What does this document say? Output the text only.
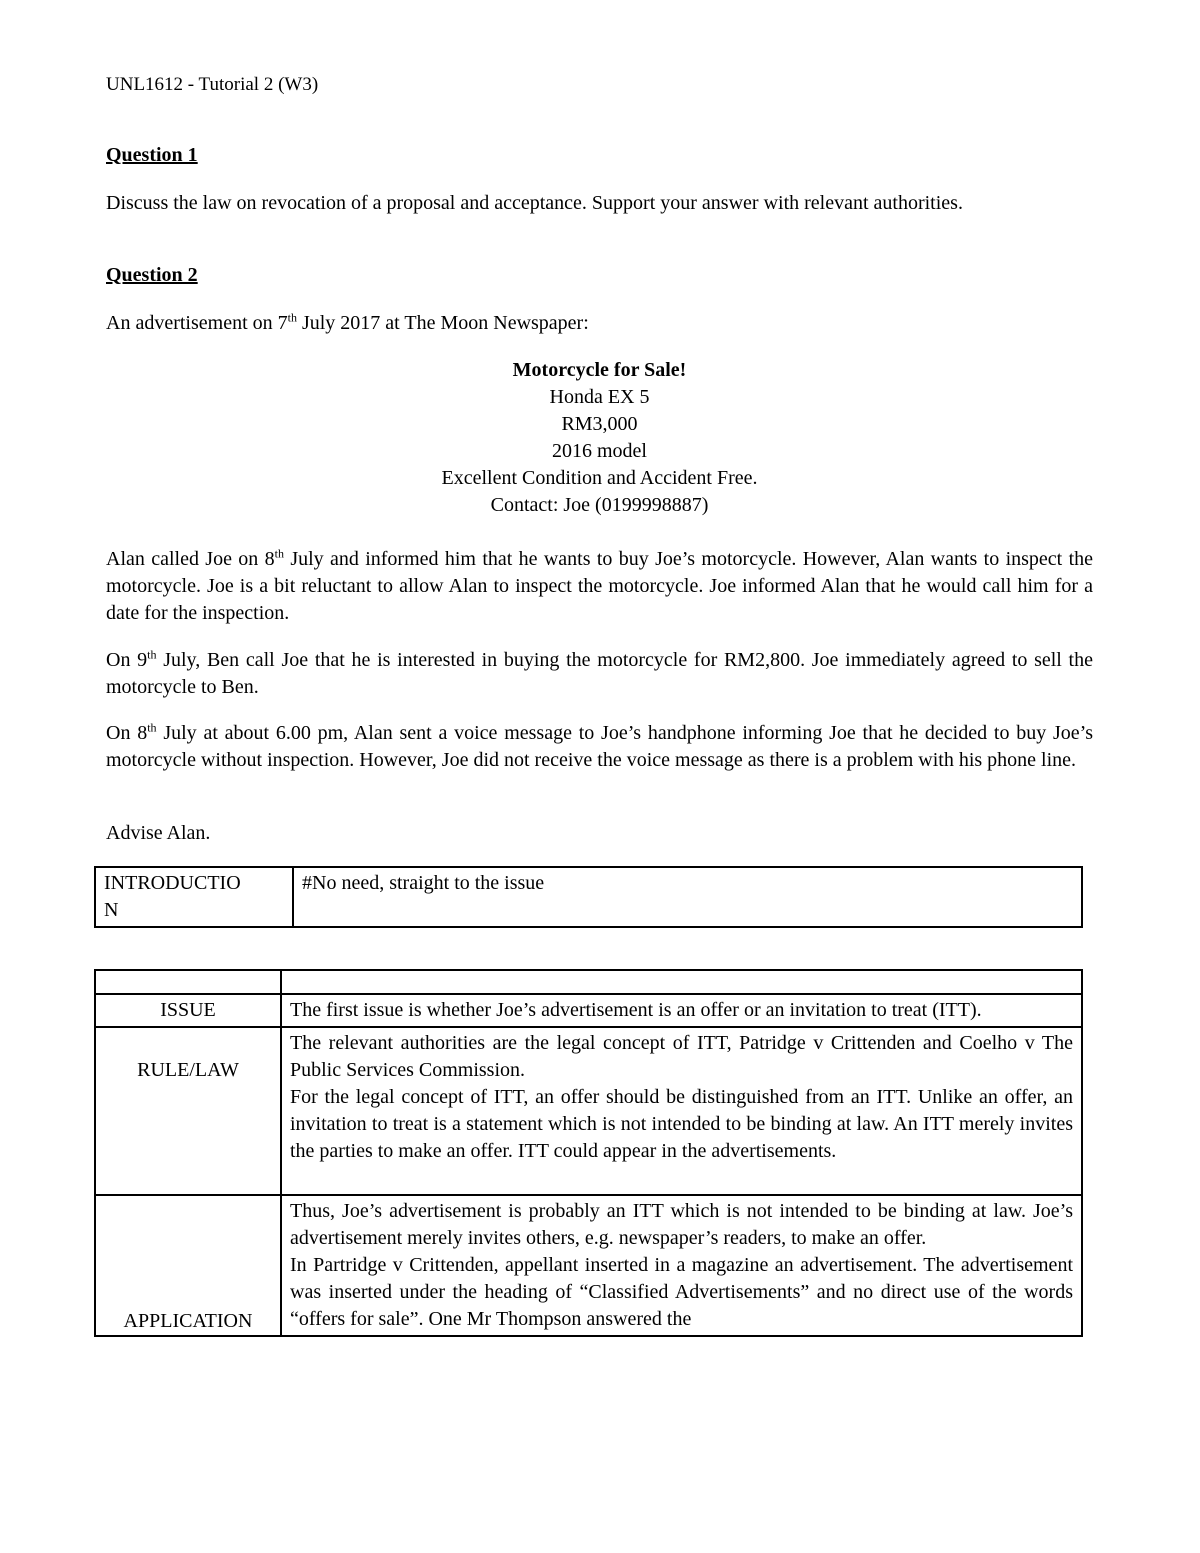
UNL1612 - Tutorial 2 (W3)
Question 1
Discuss the law on revocation of a proposal and acceptance. Support your answer with relevant authorities.
Question 2
An advertisement on 7th July 2017 at The Moon Newspaper:
Motorcycle for Sale!
Honda EX 5
RM3,000
2016 model
Excellent Condition and Accident Free.
Contact: Joe (0199998887)
Alan called Joe on 8th July and informed him that he wants to buy Joe’s motorcycle. However, Alan wants to inspect the motorcycle. Joe is a bit reluctant to allow Alan to inspect the motorcycle. Joe informed Alan that he would call him for a date for the inspection.
On 9th July, Ben call Joe that he is interested in buying the motorcycle for RM2,800. Joe immediately agreed to sell the motorcycle to Ben.
On 8th July at about 6.00 pm, Alan sent a voice message to Joe’s handphone informing Joe that he decided to buy Joe’s motorcycle without inspection. However, Joe did not receive the voice message as there is a problem with his phone line.
Advise Alan.
INTRODUCTIO
N	#No need, straight to the issue

ISSUE	The first issue is whether Joe’s advertisement is an offer or an invitation to treat (ITT).
RULE/LAW	The relevant authorities are the legal concept of ITT, Patridge v Crittenden and Coelho v The Public Services Commission.
For the legal concept of ITT, an offer should be distinguished from an ITT. Unlike an offer, an invitation to treat is a statement which is not intended to be binding at law. An ITT merely invites the parties to make an offer. ITT could appear in the advertisements.

APPLICATION	Thus, Joe’s advertisement is probably an ITT which is not intended to be binding at law. Joe’s advertisement merely invites others, e.g. newspaper’s readers, to make an offer.
In Partridge v Crittenden, appellant inserted in a magazine an advertisement. The advertisement was inserted under the heading of “Classified Advertisements” and no direct use of the words “offers for sale”. One Mr Thompson answered the
